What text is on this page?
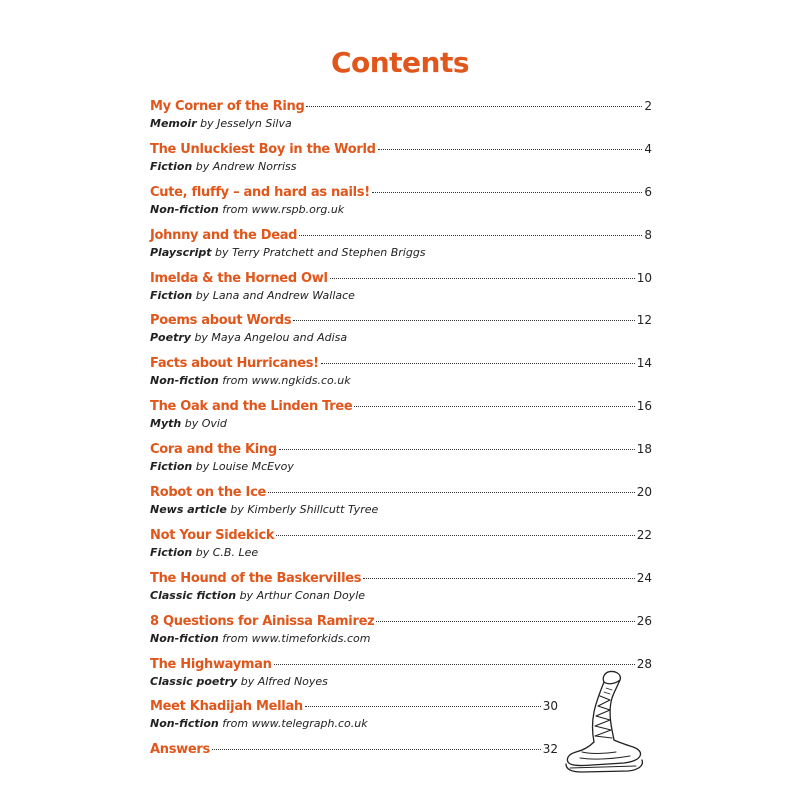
Contents
My Corner of the Ring	2
Memoir by Jesselyn Silva
The Unluckiest Boy in the World	4
Fiction by Andrew Norriss
Cute, fluffy – and hard as nails!	6
Non-fiction from www.rspb.org.uk
Johnny and the Dead	8
Playscript by Terry Pratchett and Stephen Briggs
Imelda & the Horned Owl	10
Fiction by Lana and Andrew Wallace
Poems about Words	12
Poetry by Maya Angelou and Adisa
Facts about Hurricanes!	14
Non-fiction from www.ngkids.co.uk
The Oak and the Linden Tree	16
Myth by Ovid
Cora and the King	18
Fiction by Louise McEvoy
Robot on the Ice	20
News article by Kimberly Shillcutt Tyree
Not Your Sidekick	22
Fiction by C.B. Lee
The Hound of the Baskervilles	24
Classic fiction by Arthur Conan Doyle
8 Questions for Ainissa Ramirez	26
Non-fiction from www.timeforkids.com
The Highwayman	28
Classic poetry by Alfred Noyes
Meet Khadijah Mellah	30
Non-fiction from www.telegraph.co.uk
Answers	32
